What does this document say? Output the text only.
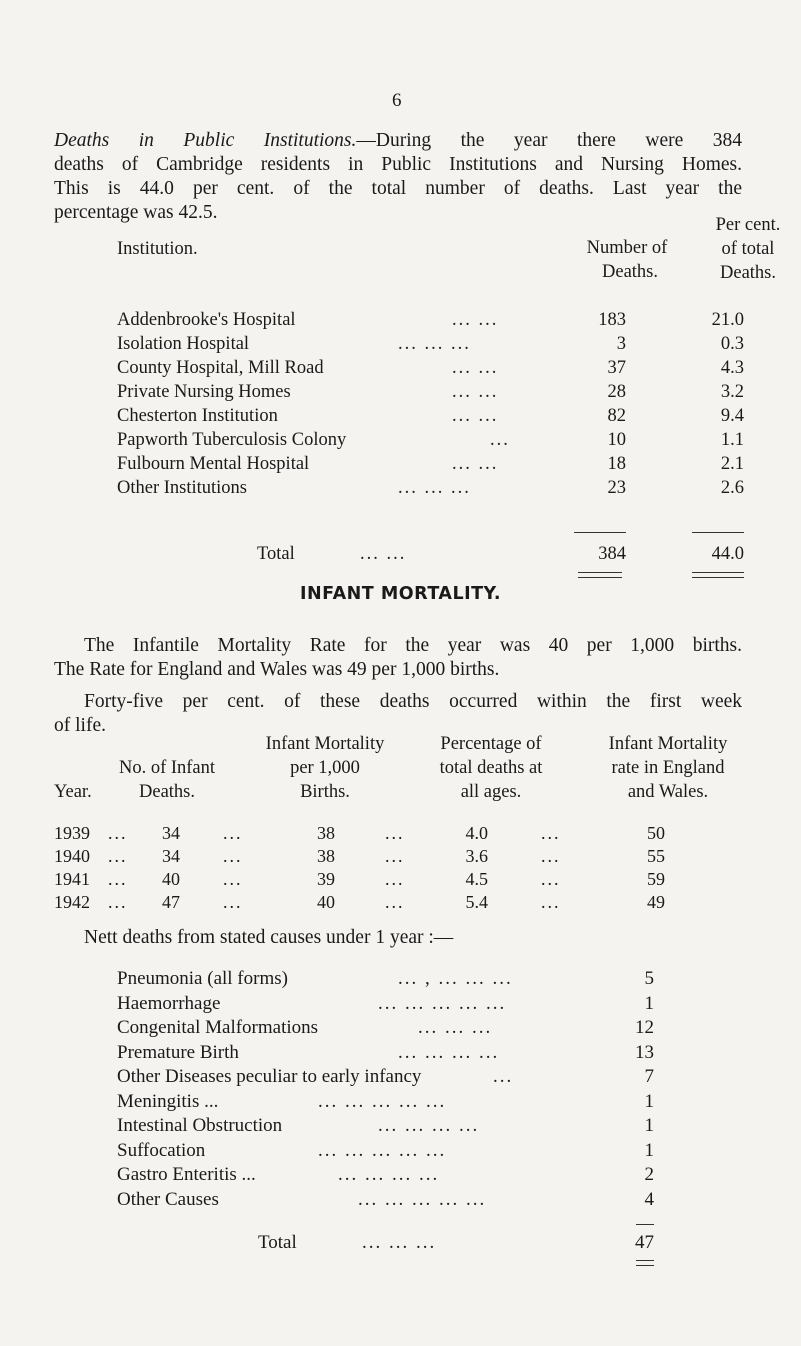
6
Deaths in Public Institutions.—During the year there were 384
deaths of Cambridge residents in Public Institutions and Nursing Homes.
This is 44.0 per cent. of the total number of deaths. Last year the
percentage was 42.5.
Institution.	Number of
Deaths.
Per cent.
of total
Deaths.
Addenbrooke's Hospital	... ...	183	21.0
Isolation Hospital	... ... ...	3	0.3
County Hospital, Mill Road	... ...	37	4.3
Private Nursing Homes	... ...	28	3.2
Chesterton Institution	... ...	82	9.4
Papworth Tuberculosis Colony	...	10	1.1
Fulbourn Mental Hospital	... ...	18	2.1
Other Institutions	... ... ...	23	2.6
Total	... ...	384	44.0
INFANT MORTALITY.
The Infantile Mortality Rate for the year was 40 per 1,000 births.
The Rate for England and Wales was 49 per 1,000 births.
Forty-five per cent. of these deaths occurred within the first week
of life.
Year.
No. of Infant
Deaths.
Infant Mortality
per 1,000
Births.
Percentage of
total deaths at
all ages.
Infant Mortality
rate in England
and Wales.
1939 ...	34 ...	38	...	4.0	...	50
1940 ...	34 ...	38	...	3.6	...	55
1941 ...	40 ...	39	...	4.5	...	59
1942 ...	47 ...	40	...	5.4	...	49
Nett deaths from stated causes under 1 year :—
Pneumonia (all forms)	... , ... ... ...	5
Haemorrhage	... ... ... ... ...	1
Congenital Malformations	... ... ...	12
Premature Birth	... ... ... ...	13
Other Diseases peculiar to early infancy	...	7
Meningitis ...	... ... ... ... ...	1
Intestinal Obstruction	... ... ... ...	1
Suffocation	... ... ... ... ...	1
Gastro Enteritis ...	... ... ... ...	2
Other Causes	... ... ... ... ...	4
Total	... ... ...	47
